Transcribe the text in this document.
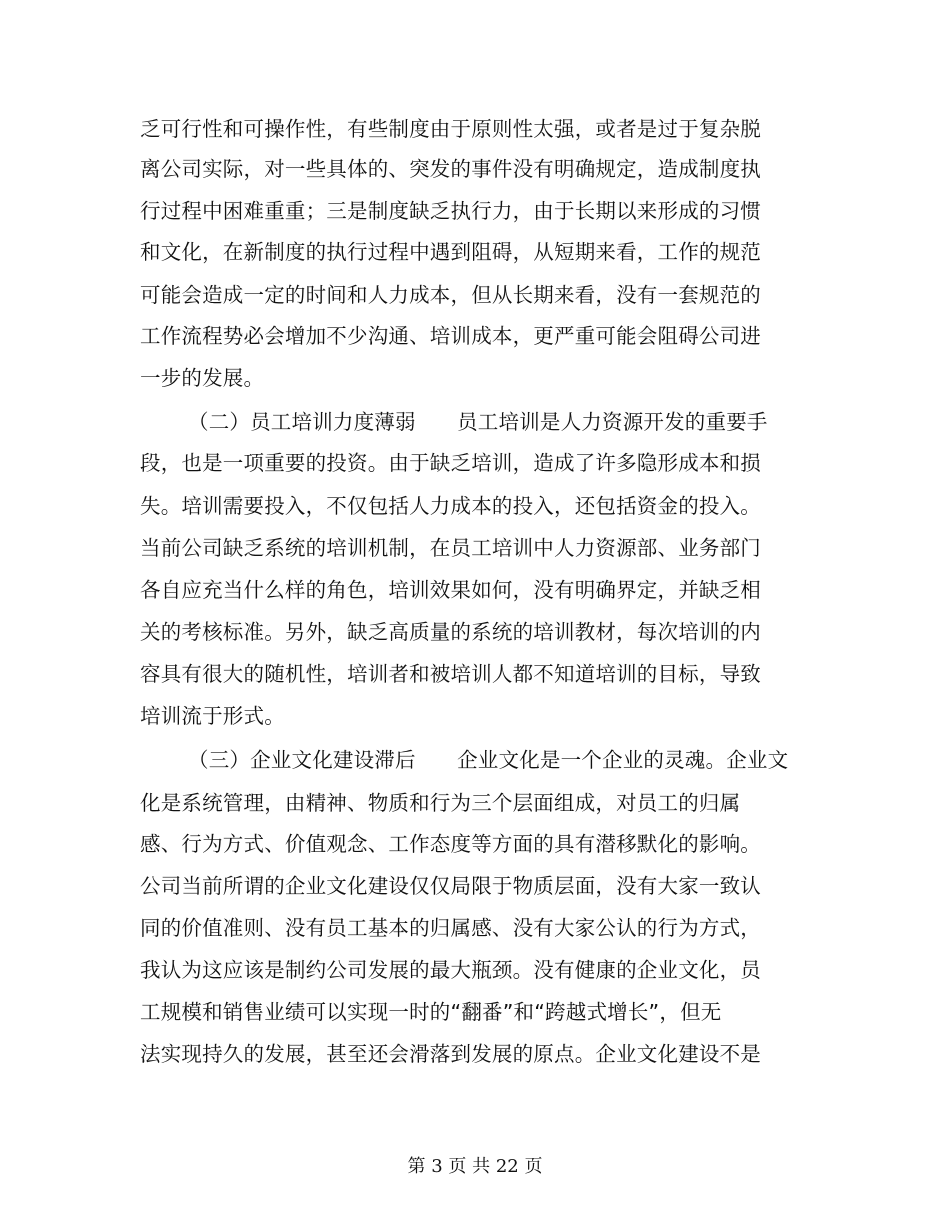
乏可行性和可操作性，有些制度由于原则性太强，或者是过于复杂脱
离公司实际，对一些具体的、突发的事件没有明确规定，造成制度执
行过程中困难重重；三是制度缺乏执行力，由于长期以来形成的习惯
和文化，在新制度的执行过程中遇到阻碍，从短期来看，工作的规范
可能会造成一定的时间和人力成本，但从长期来看，没有一套规范的
工作流程势必会增加不少沟通、培训成本，更严重可能会阻碍公司进
一步的发展。
（二）员工培训力度薄弱　　员工培训是人力资源开发的重要手
段，也是一项重要的投资。由于缺乏培训，造成了许多隐形成本和损
失。培训需要投入，不仅包括人力成本的投入，还包括资金的投入。
当前公司缺乏系统的培训机制，在员工培训中人力资源部、业务部门
各自应充当什么样的角色，培训效果如何，没有明确界定，并缺乏相
关的考核标准。另外，缺乏高质量的系统的培训教材，每次培训的内
容具有很大的随机性，培训者和被培训人都不知道培训的目标，导致
培训流于形式。
（三）企业文化建设滞后　　企业文化是一个企业的灵魂。企业文
化是系统管理，由精神、物质和行为三个层面组成，对员工的归属
感、行为方式、价值观念、工作态度等方面的具有潜移默化的影响。
公司当前所谓的企业文化建设仅仅局限于物质层面，没有大家一致认
同的价值准则、没有员工基本的归属感、没有大家公认的行为方式，
我认为这应该是制约公司发展的最大瓶颈。没有健康的企业文化，员
工规模和销售业绩可以实现一时的“翻番”和“跨越式增长”，但无
法实现持久的发展，甚至还会滑落到发展的原点。企业文化建设不是
第 3 页 共 22 页
